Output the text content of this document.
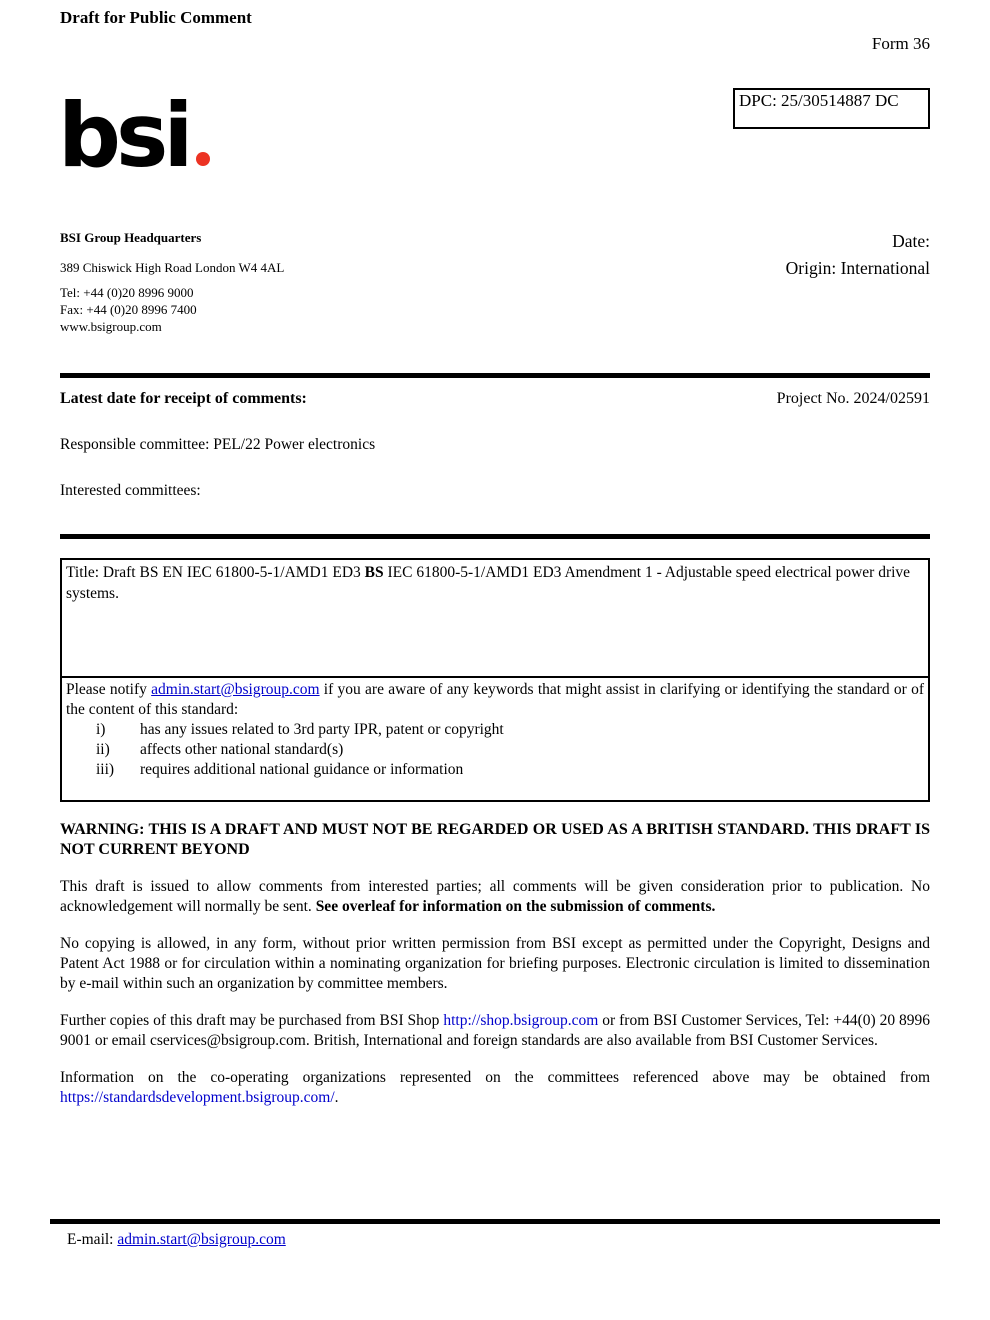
Draft for Public Comment
Form 36
DPC: 25/30514887 DC
bsi
BSI Group Headquarters
389 Chiswick High Road London W4 4AL
Tel: +44 (0)20 8996 9000
Fax: +44 (0)20 8996 7400
www.bsigroup.com
Date:
Origin: International
Latest date for receipt of comments:	Project No. 2024/02591
Responsible committee: PEL/22 Power electronics
Interested committees:
Title: Draft BS EN IEC 61800-5-1/AMD1 ED3 BS IEC 61800-5-1/AMD1 ED3 Amendment 1 - Adjustable speed electrical power drive systems.
Please notify admin.start@bsigroup.com if you are aware of any keywords that might assist in clarifying or identifying the standard or of the content of this standard:
i)	has any issues related to 3rd party IPR, patent or copyright
ii)	affects other national standard(s)
iii)	requires additional national guidance or information
WARNING: THIS IS A DRAFT AND MUST NOT BE REGARDED OR USED AS A BRITISH STANDARD. THIS DRAFT IS NOT CURRENT BEYOND

This draft is issued to allow comments from interested parties; all comments will be given consideration prior to publication. No acknowledgement will normally be sent. See overleaf for information on the submission of comments.

No copying is allowed, in any form, without prior written permission from BSI except as permitted under the Copyright, Designs and Patent Act 1988 or for circulation within a nominating organization for briefing purposes. Electronic circulation is limited to dissemination by e-mail within such an organization by committee members.

Further copies of this draft may be purchased from BSI Shop http://shop.bsigroup.com or from BSI Customer Services, Tel: +44(0) 20 8996 9001 or email cservices@bsigroup.com. British, International and foreign standards are also available from BSI Customer Services.

Information on the co-operating organizations represented on the committees referenced above may be obtained from https://standardsdevelopment.bsigroup.com/.

E-mail: admin.start@bsigroup.com
